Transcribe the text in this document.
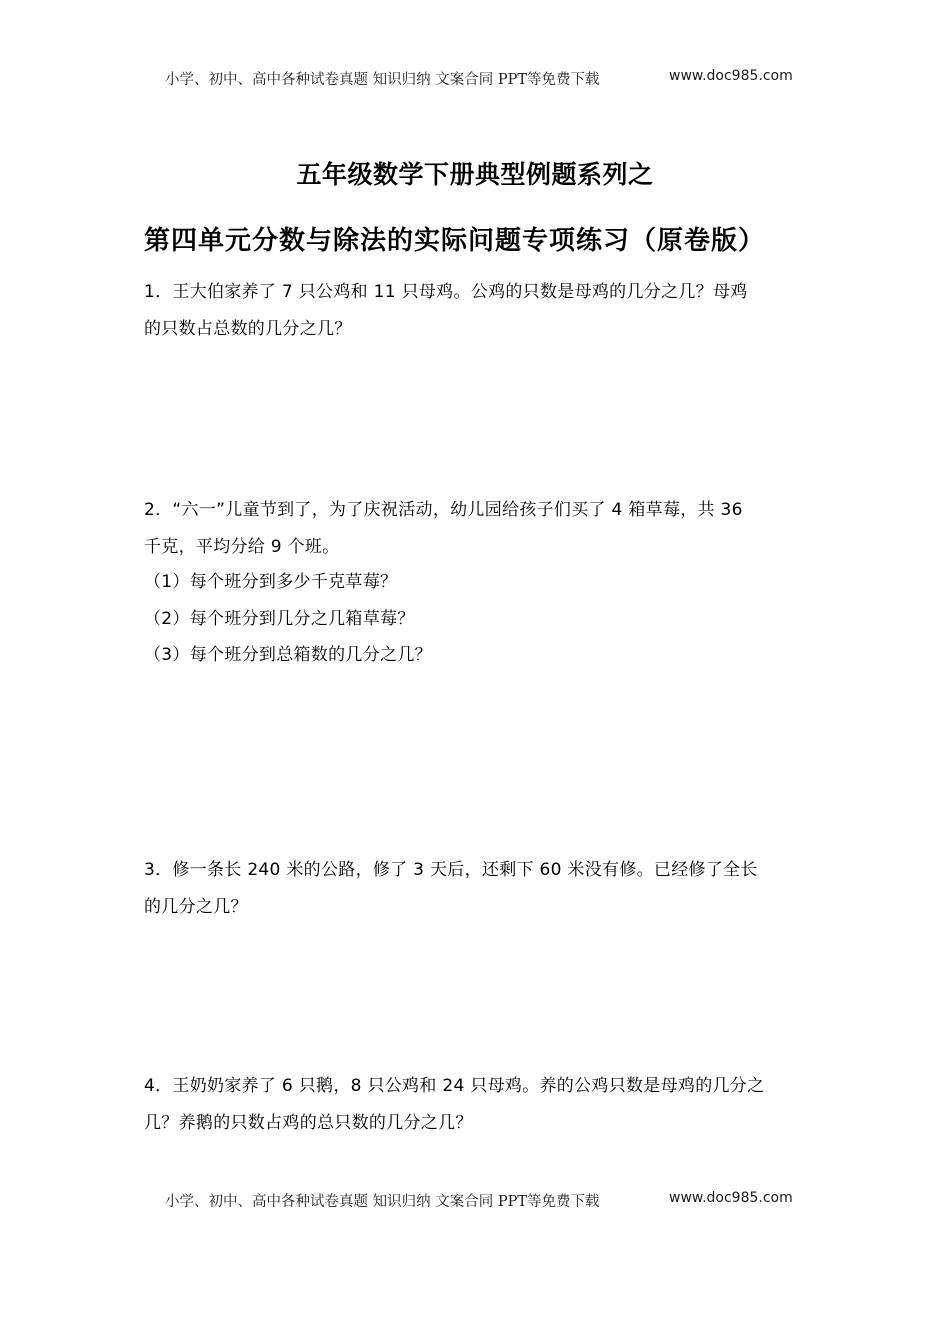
小学、初中、高中各种试卷真题 知识归纳 文案合同 PPT等免费下载	www.doc985.com
五年级数学下册典型例题系列之
第四单元分数与除法的实际问题专项练习（原卷版）
1．王大伯家养了 7 只公鸡和 11 只母鸡。公鸡的只数是母鸡的几分之几？母鸡
的只数占总数的几分之几？
2．“六一”儿童节到了，为了庆祝活动，幼儿园给孩子们买了 4 箱草莓，共 36
千克，平均分给 9 个班。
（1）每个班分到多少千克草莓？
（2）每个班分到几分之几箱草莓？
（3）每个班分到总箱数的几分之几？
3．修一条长 240 米的公路，修了 3 天后，还剩下 60 米没有修。已经修了全长
的几分之几？
4．王奶奶家养了 6 只鹅，8 只公鸡和 24 只母鸡。养的公鸡只数是母鸡的几分之
几？养鹅的只数占鸡的总只数的几分之几？
小学、初中、高中各种试卷真题 知识归纳 文案合同 PPT等免费下载	www.doc985.com
